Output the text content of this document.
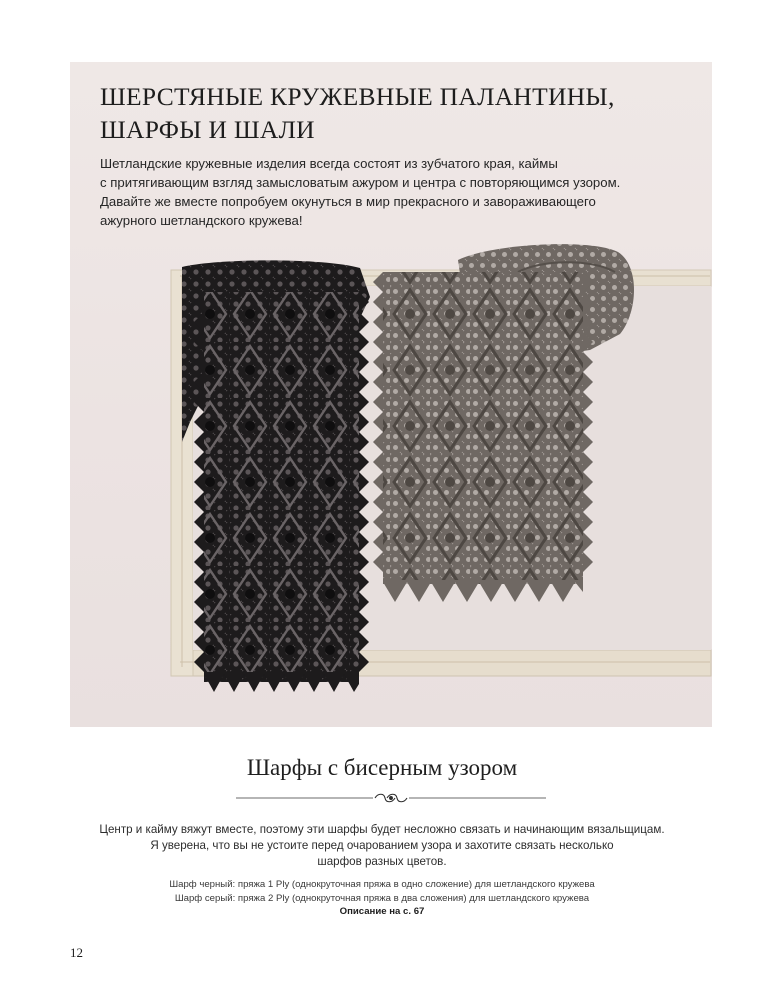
ШЕРСТЯНЫЕ КРУЖЕВНЫЕ ПАЛАНТИНЫ,
ШАРФЫ И ШАЛИ

Шетландские кружевные изделия всегда состоят из зубчатого края, каймы
с притягивающим взгляд замысловатым ажуром и центра с повторяющимся узором.
Давайте же вместе попробуем окунуться в мир прекрасного и завораживающего
ажурного шетландского кружева!

Шарфы с бисерным узором

Центр и кайму вяжут вместе, поэтому эти шарфы будет несложно связать и начинающим вязальщицам.
Я уверена, что вы не устоите перед очарованием узора и захотите связать несколько
шарфов разных цветов.

Шарф черный: пряжа 1 Ply (однокруточная пряжа в одно сложение) для шетландского кружева
Шарф серый: пряжа 2 Ply (однокруточная пряжа в два сложения) для шетландского кружева
Описание на с. 67

12
